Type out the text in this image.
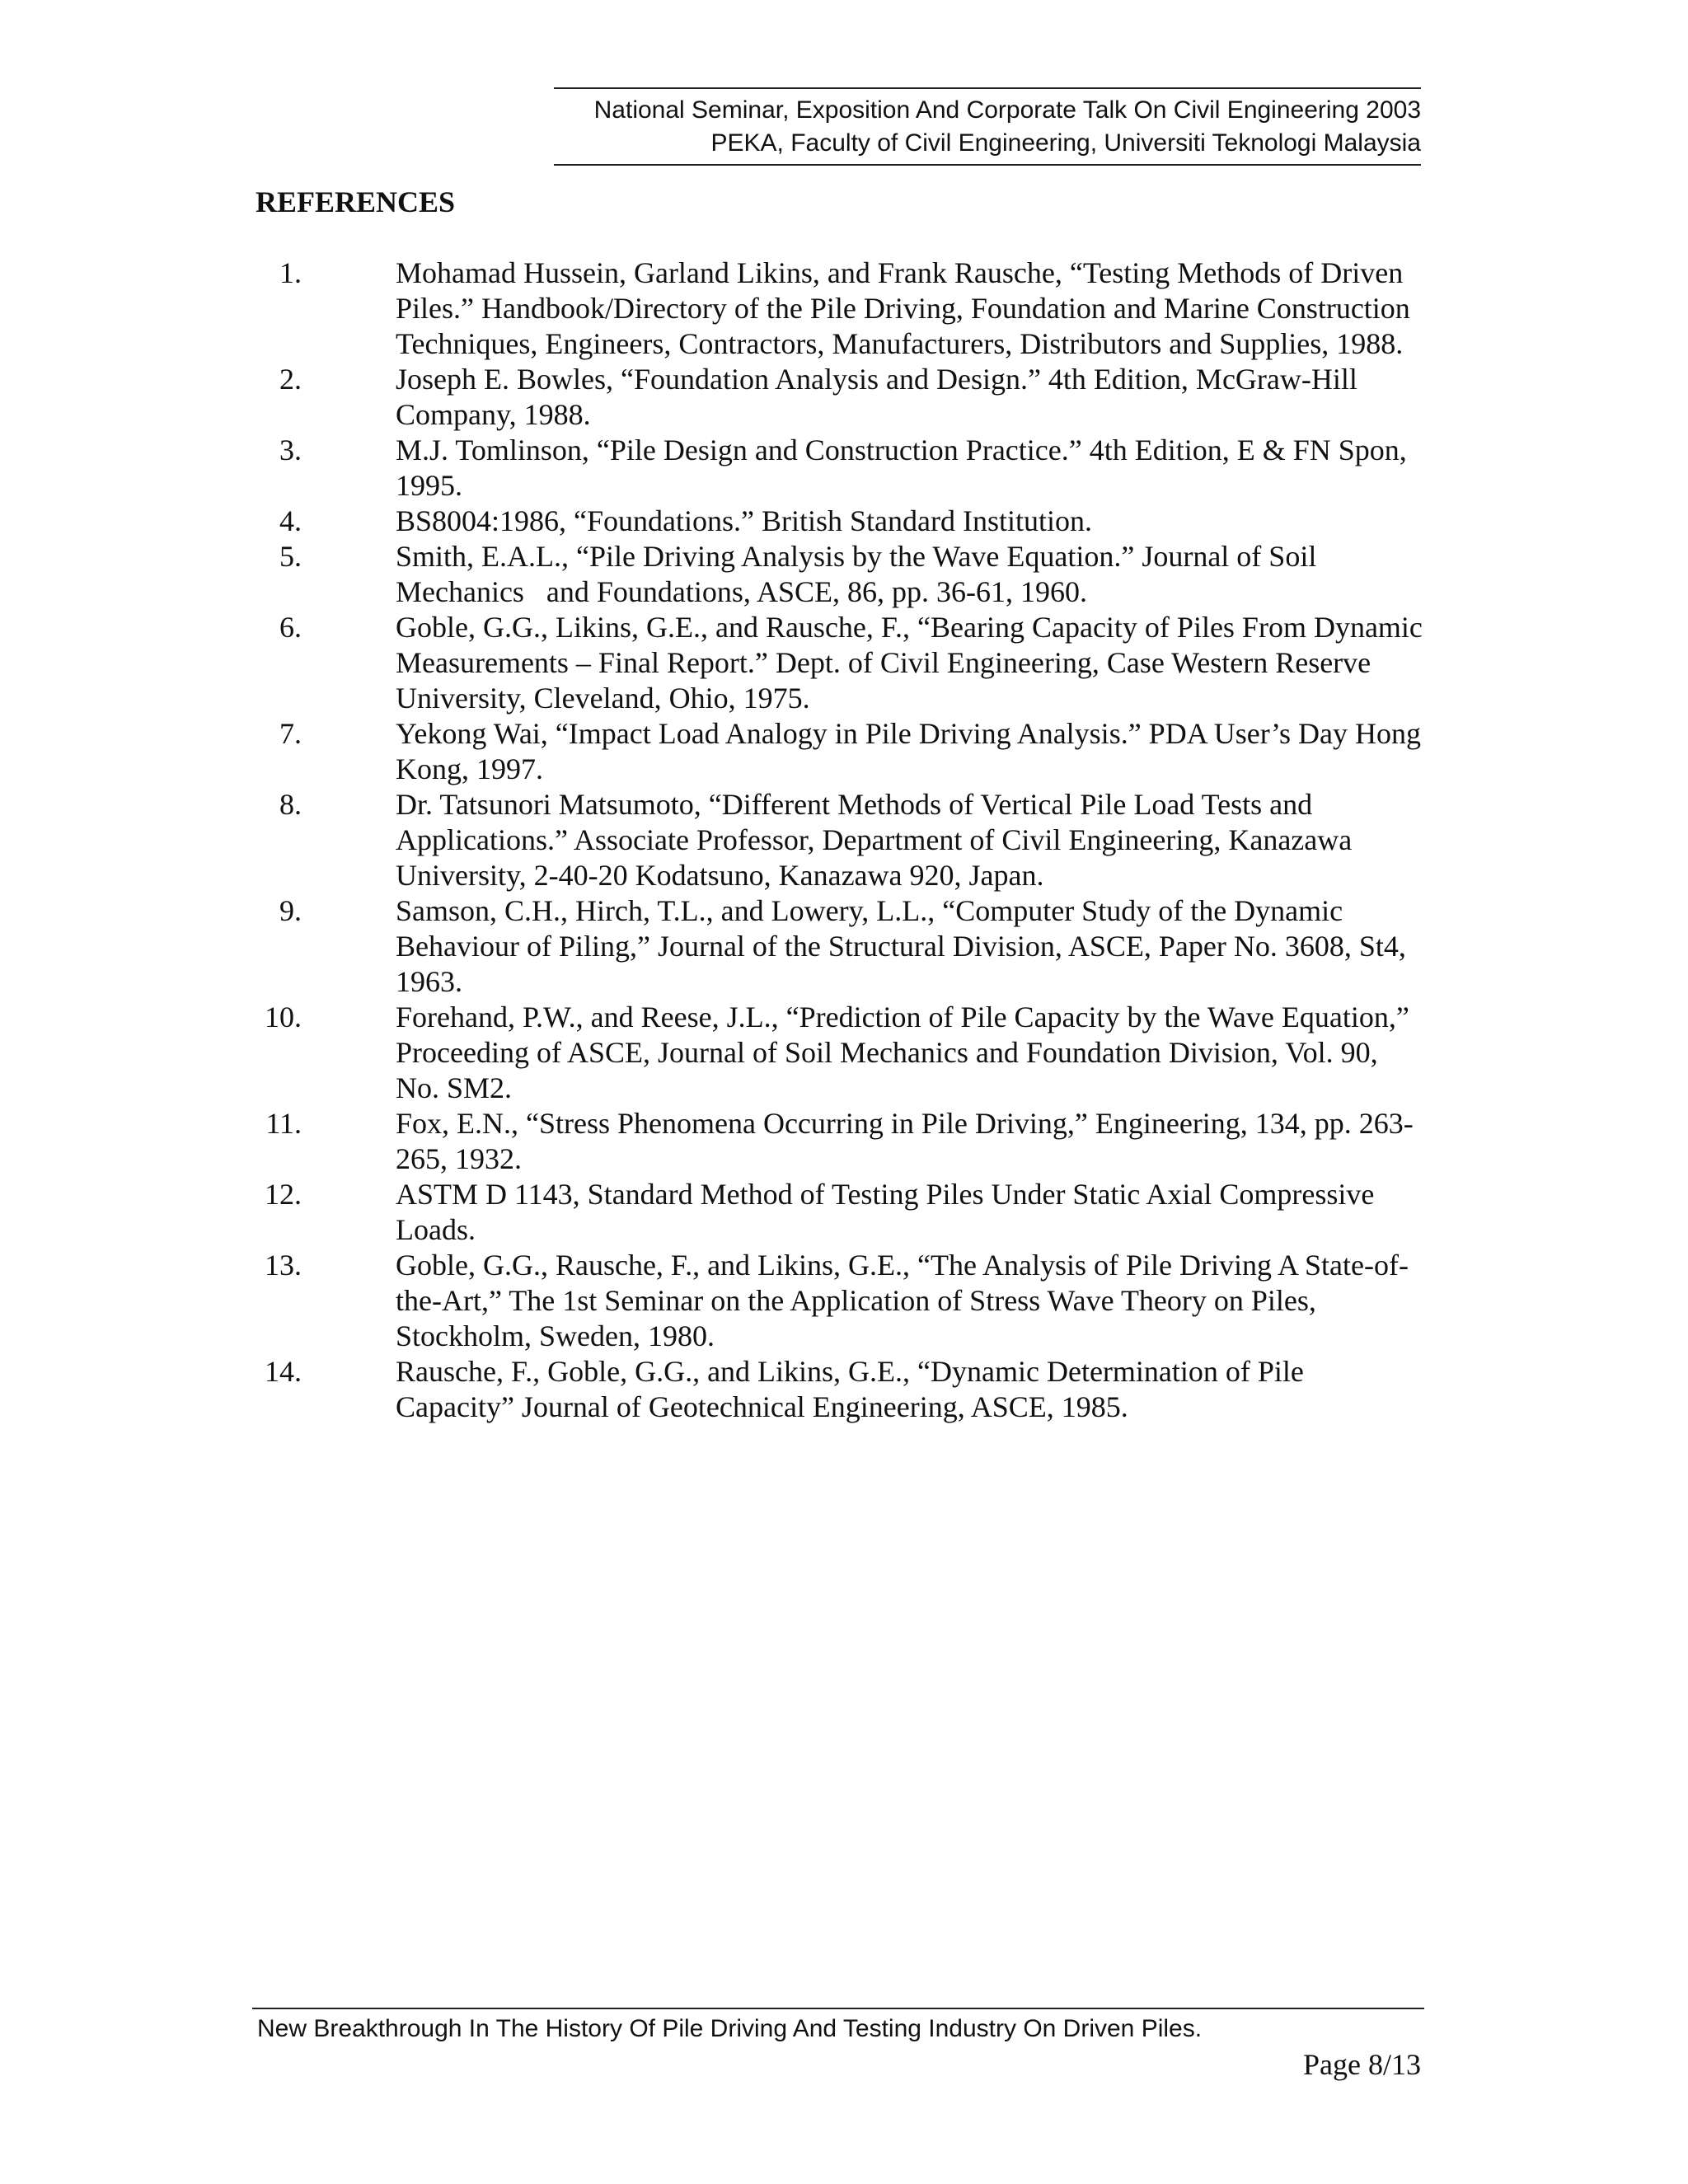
National Seminar, Exposition And Corporate Talk On Civil Engineering 2003
PEKA, Faculty of Civil Engineering, Universiti Teknologi Malaysia
REFERENCES
1.	Mohamad Hussein, Garland Likins, and Frank Rausche, “Testing Methods of Driven Piles.” Handbook/Directory of the Pile Driving, Foundation and Marine Construction Techniques, Engineers, Contractors, Manufacturers, Distributors and Supplies, 1988.
2.	Joseph E. Bowles, “Foundation Analysis and Design.” 4th Edition, McGraw-Hill Company, 1988.
3.	M.J. Tomlinson, “Pile Design and Construction Practice.” 4th Edition, E & FN Spon, 1995.
4.	BS8004:1986, “Foundations.” British Standard Institution.
5.	Smith, E.A.L., “Pile Driving Analysis by the Wave Equation.” Journal of Soil Mechanics   and Foundations, ASCE, 86, pp. 36-61, 1960.
6.	Goble, G.G., Likins, G.E., and Rausche, F., “Bearing Capacity of Piles From Dynamic Measurements – Final Report.” Dept. of Civil Engineering, Case Western Reserve University, Cleveland, Ohio, 1975.
7.	Yekong Wai, “Impact Load Analogy in Pile Driving Analysis.” PDA User’s Day Hong Kong, 1997.
8.	Dr. Tatsunori Matsumoto, “Different Methods of Vertical Pile Load Tests and Applications.” Associate Professor, Department of Civil Engineering, Kanazawa University, 2-40-20 Kodatsuno, Kanazawa 920, Japan.
9.	Samson, C.H., Hirch, T.L., and Lowery, L.L., “Computer Study of the Dynamic Behaviour of Piling,” Journal of the Structural Division, ASCE, Paper No. 3608, St4, 1963.
10.	Forehand, P.W., and Reese, J.L., “Prediction of Pile Capacity by the Wave Equation,” Proceeding of ASCE, Journal of Soil Mechanics and Foundation Division, Vol. 90, No. SM2.
11.	Fox, E.N., “Stress Phenomena Occurring in Pile Driving,” Engineering, 134, pp. 263-265, 1932.
12.	ASTM D 1143, Standard Method of Testing Piles Under Static Axial Compressive Loads.
13.	Goble, G.G., Rausche, F., and Likins, G.E., “The Analysis of Pile Driving A State-of-the-Art,” The 1st Seminar on the Application of Stress Wave Theory on Piles, Stockholm, Sweden, 1980.
14.	Rausche, F., Goble, G.G., and Likins, G.E., “Dynamic Determination of Pile Capacity” Journal of Geotechnical Engineering, ASCE, 1985.
New Breakthrough In The History Of Pile Driving And Testing Industry On Driven Piles.
Page 8/13
